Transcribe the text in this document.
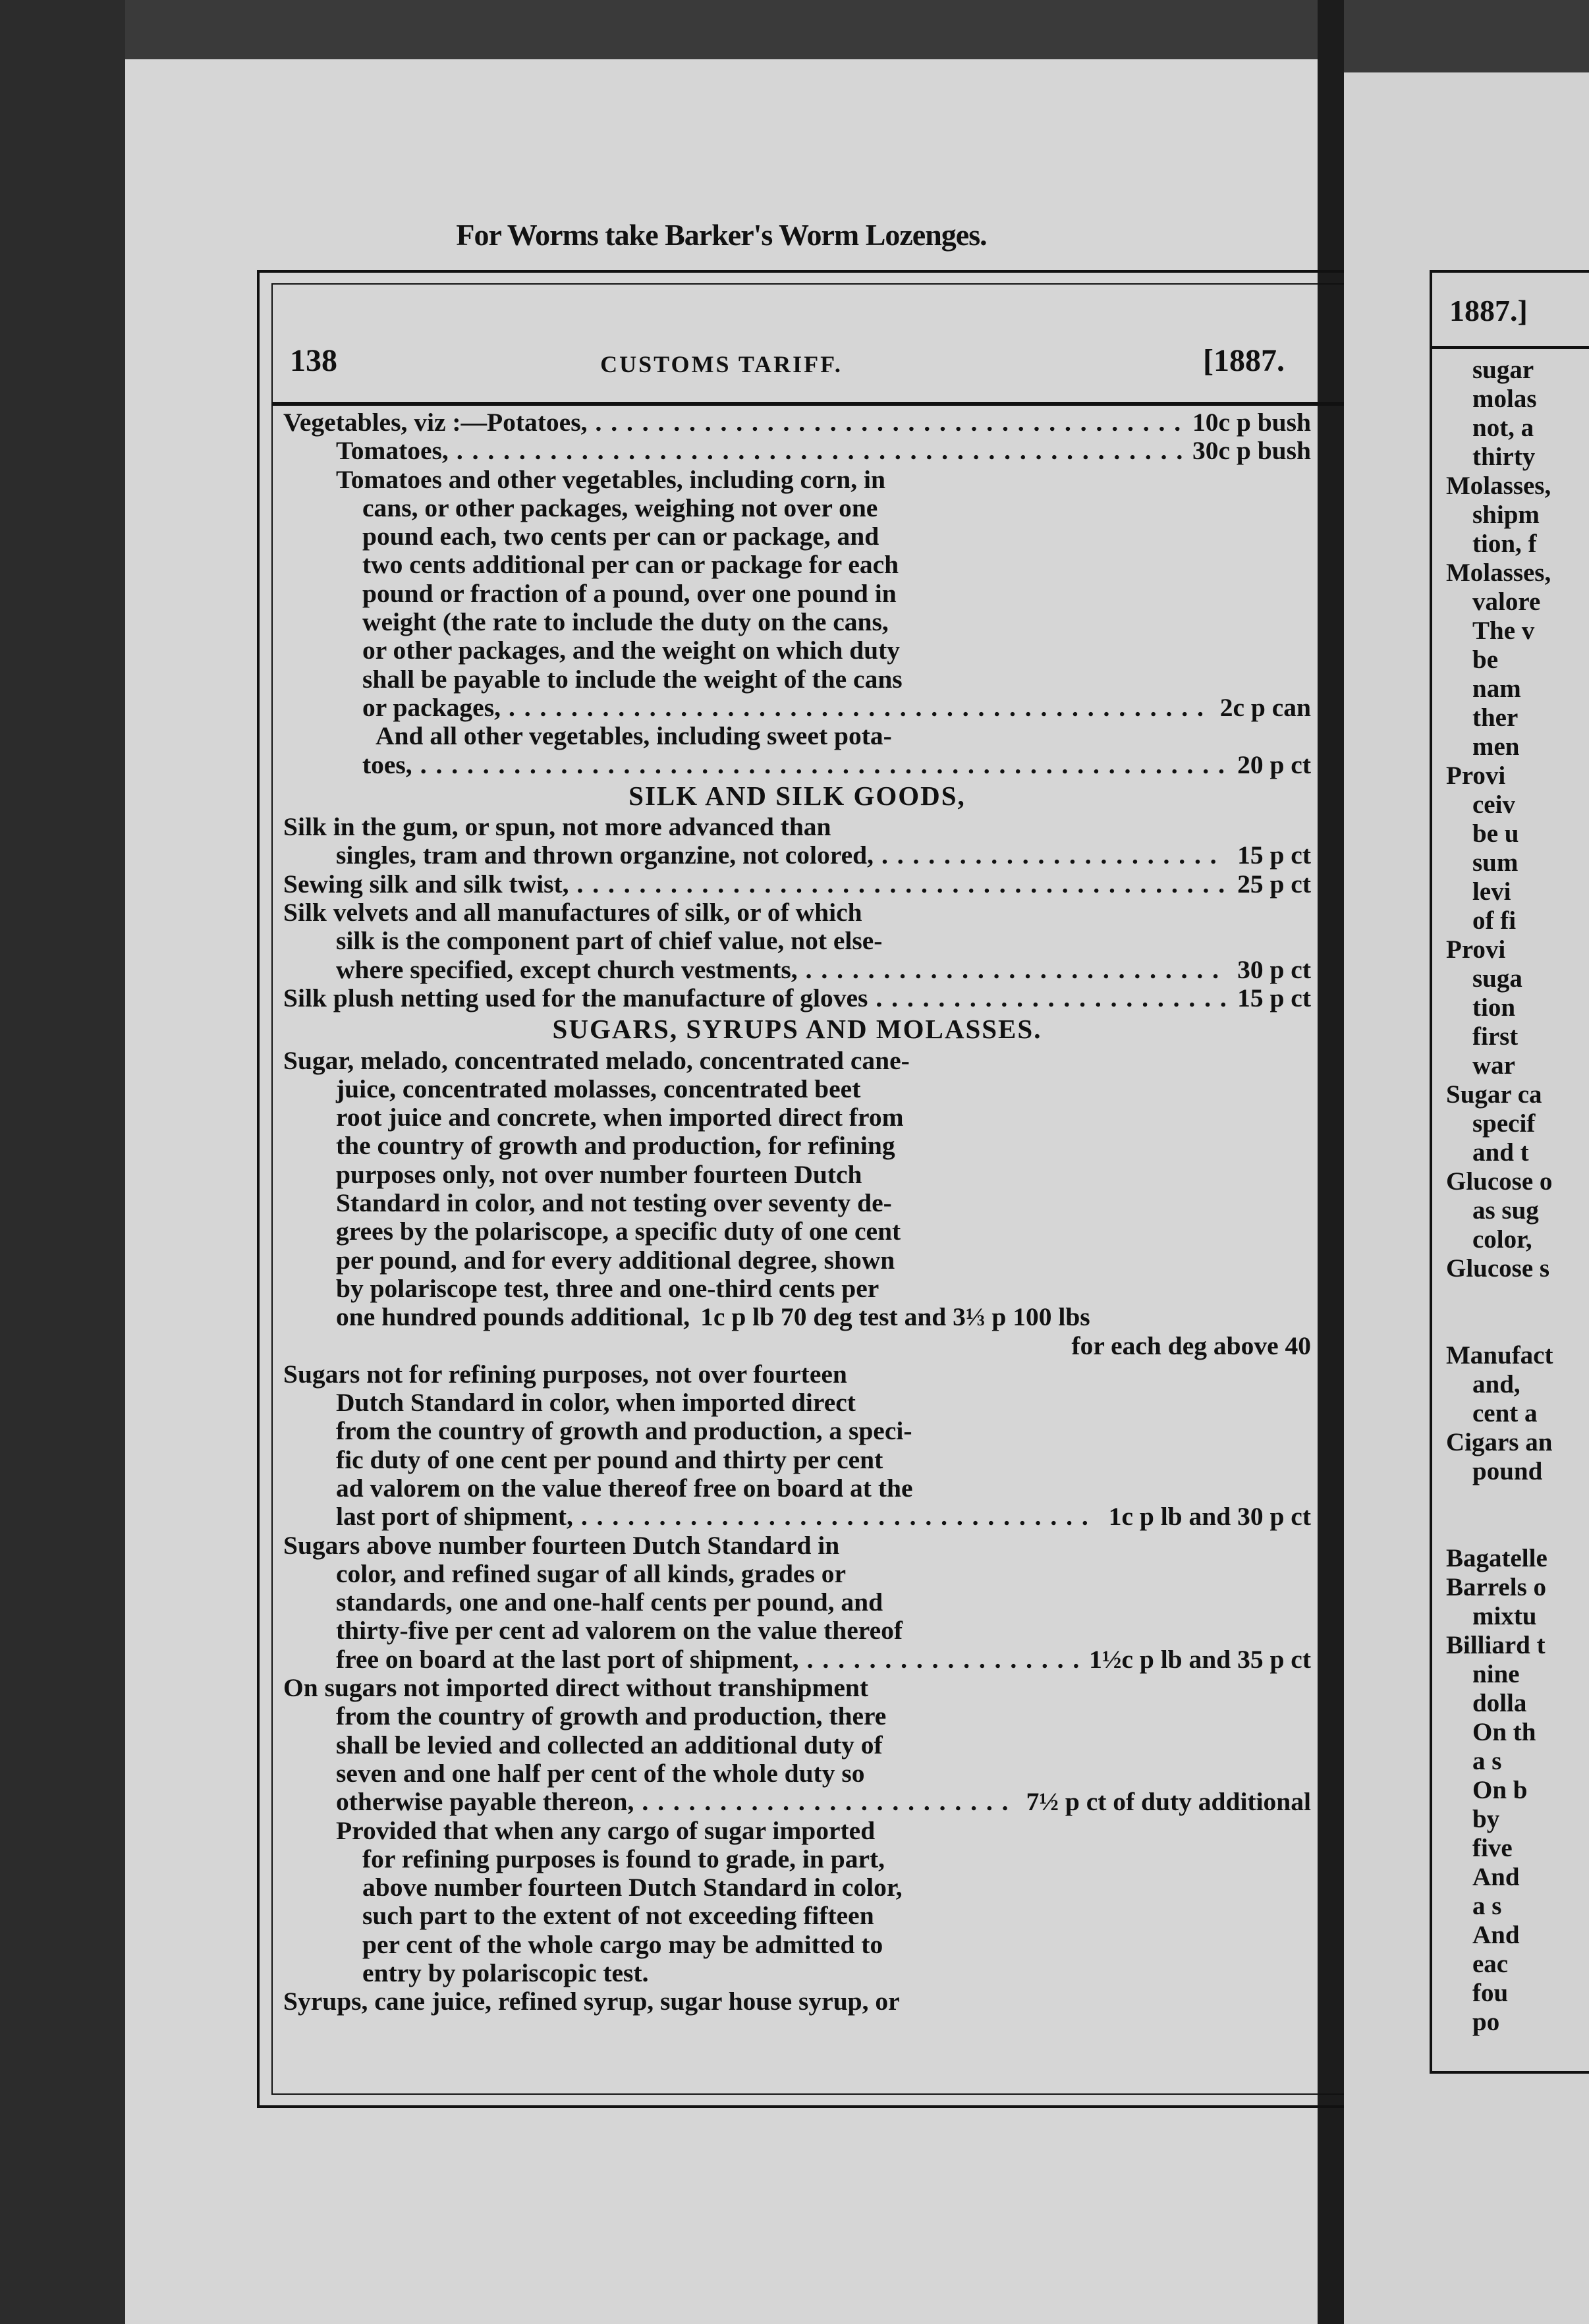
For Worms take Barker's Worm Lozenges.
138	CUSTOMS TARIFF.	[1887.
Vegetables, viz :—Potatoes, . . .	10c p bush
Tomatoes, . . .	30c p bush
Tomatoes and other vegetables, including corn, in
cans, or other packages, weighing not over one
pound each, two cents per can or package, and
two cents additional per can or package for each
pound or fraction of a pound, over one pound in
weight (the rate to include the duty on the cans,
or other packages, and the weight on which duty
shall be payable to include the weight of the cans
or packages, . . .	2c p can
And all other vegetables, including sweet pota-
toes, . . .	20 p ct
SILK AND SILK GOODS,
Silk in the gum, or spun, not more advanced than
singles, tram and thrown organzine, not colored, . . .	15 p ct
Sewing silk and silk twist, . . .	25 p ct
Silk velvets and all manufactures of silk, or of which
silk is the component part of chief value, not else-
where specified, except church vestments, . . .	30 p ct
Silk plush netting used for the manufacture of gloves . . .	15 p ct
SUGARS, SYRUPS AND MOLASSES.
Sugar, melado, concentrated melado, concentrated cane-
juice, concentrated molasses, concentrated beet
root juice and concrete, when imported direct from
the country of growth and production, for refining
purposes only, not over number fourteen Dutch
Standard in color, and not testing over seventy de-
grees by the polariscope, a specific duty of one cent
per pound, and for every additional degree, shown
by polariscope test, three and one-third cents per
one hundred pounds additional, 1c p lb 70 deg test and 3⅓ p 100 lbs
for each deg above 40
Sugars not for refining purposes, not over fourteen
Dutch Standard in color, when imported direct
from the country of growth and production, a speci-
fic duty of one cent per pound and thirty per cent
ad valorem on the value thereof free on board at the
last port of shipment, . . .	1c p lb and 30 p ct
Sugars above number fourteen Dutch Standard in
color, and refined sugar of all kinds, grades or
standards, one and one-half cents per pound, and
thirty-five per cent ad valorem on the value thereof
free on board at the last port of shipment, . . .	1½c p lb and 35 p ct
On sugars not imported direct without transhipment
from the country of growth and production, there
shall be levied and collected an additional duty of
seven and one half per cent of the whole duty so
otherwise payable thereon, . . .	7½ p ct of duty additional
Provided that when any cargo of sugar imported
for refining purposes is found to grade, in part,
above number fourteen Dutch Standard in color,
such part to the extent of not exceeding fifteen
per cent of the whole cargo may be admitted to
entry by polariscopic test.
Syrups, cane juice, refined syrup, sugar house syrup, or
1887.]
sugar
molas
not, a
thirty
Molasses,
shipm
tion, f
Molasses,
valore
The v
be
nam
ther
men
Provi
ceiv
be u
sum
levi
of fi
Provi
suga
tion
first
war
Sugar ca
specif
and t
Glucose o
as sug
color,
Glucose s
Manufact
and,
cent a
Cigars an
pound
Bagatelle
Barrels o
mixtu
Billiard t
nine
dolla
On th
a s
On b
by
five
And
a s
And
eac
fou
po
